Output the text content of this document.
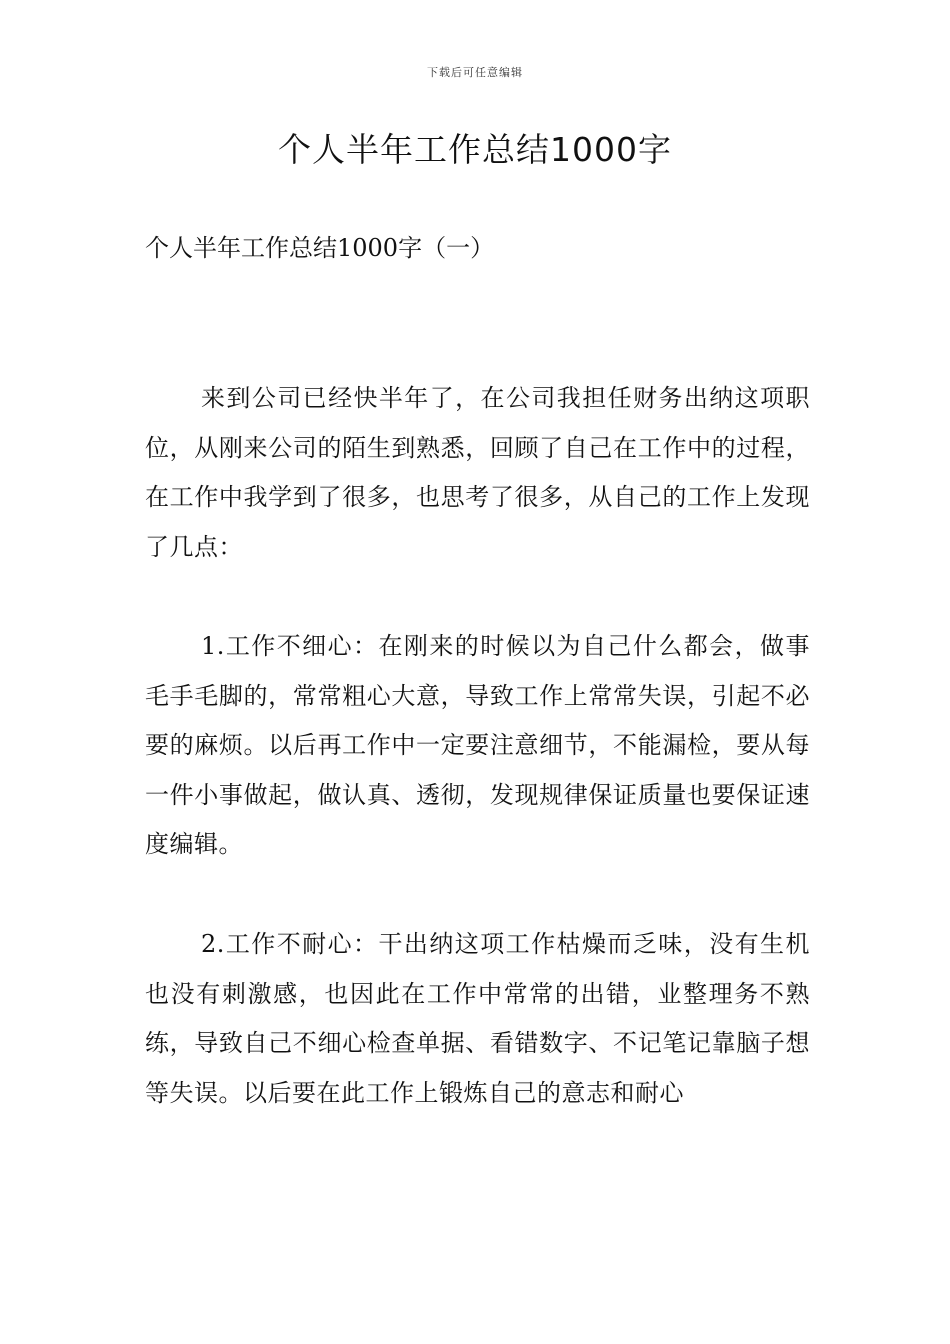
下载后可任意编辑
个人半年工作总结1000字
个人半年工作总结1000字（一）

来到公司已经快半年了，在公司我担任财务出纳这项职位，从刚来公司的陌生到熟悉，回顾了自己在工作中的过程，在工作中我学到了很多，也思考了很多，从自己的工作上发现了几点：

1.工作不细心：在刚来的时候以为自己什么都会，做事毛手毛脚的，常常粗心大意，导致工作上常常失误，引起不必要的麻烦。以后再工作中一定要注意细节，不能漏检，要从每一件小事做起，做认真、透彻，发现规律保证质量也要保证速度编辑。

2.工作不耐心：干出纳这项工作枯燥而乏味，没有生机也没有刺激感，也因此在工作中常常的出错，业整理务不熟练，导致自己不细心检查单据、看错数字、不记笔记靠脑子想等失误。以后要在此工作上锻炼自己的意志和耐心
